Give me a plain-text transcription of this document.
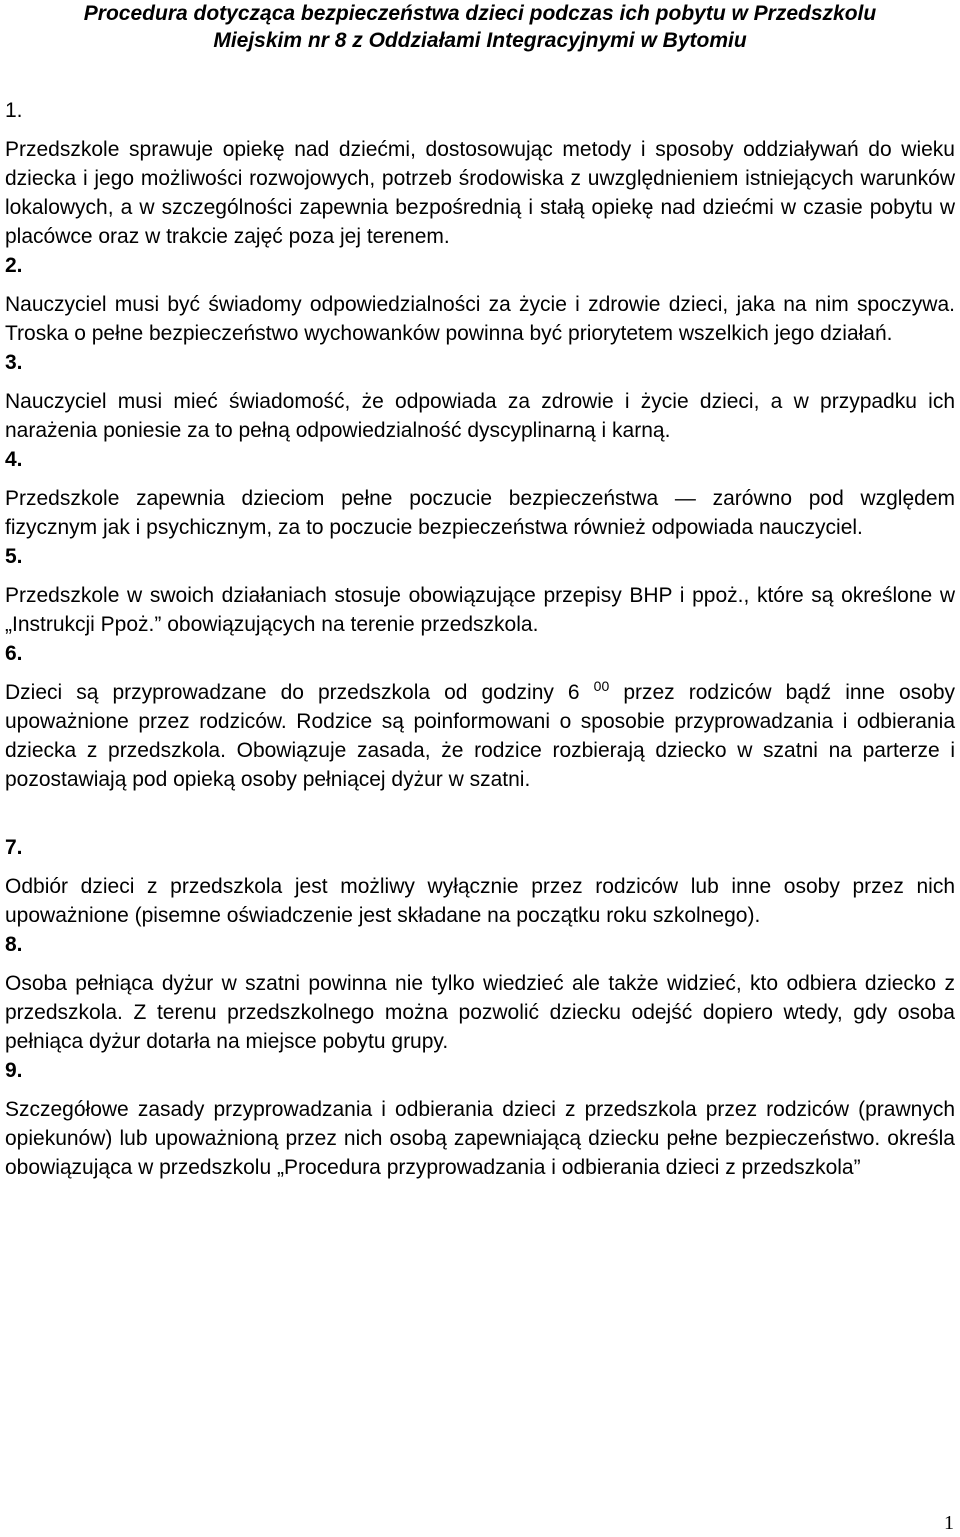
Procedura dotycząca bezpieczeństwa dzieci podczas ich pobytu w Przedszkolu
Miejskim nr 8 z Oddziałami Integracyjnymi w Bytomiu
1.
Przedszkole sprawuje opiekę nad dziećmi, dostosowując metody i sposoby oddziaływań do wieku dziecka i jego możliwości rozwojowych, potrzeb środowiska z uwzględnieniem istniejących warunków lokalowych, a w szczególności zapewnia bezpośrednią i stałą opiekę nad dziećmi w czasie pobytu w placówce oraz w trakcie zajęć poza jej terenem.
2.
Nauczyciel musi być świadomy odpowiedzialności za życie i zdrowie dzieci, jaka na nim spoczywa. Troska o pełne bezpieczeństwo wychowanków powinna być priorytetem wszelkich jego działań.
3.
Nauczyciel musi mieć świadomość, że odpowiada za zdrowie i życie dzieci, a w przypadku ich narażenia poniesie za to pełną odpowiedzialność dyscyplinarną i karną.
4.
Przedszkole zapewnia dzieciom pełne poczucie bezpieczeństwa — zarówno pod względem fizycznym jak i psychicznym, za to poczucie bezpieczeństwa również odpowiada nauczyciel.
5.
Przedszkole w swoich działaniach stosuje obowiązujące przepisy BHP i ppoż., które są określone w „Instrukcji Ppoż.” obowiązujących na terenie przedszkola.
6.
Dzieci są przyprowadzane do przedszkola od godziny 6 $^{00}$ przez rodziców bądź inne osoby upoważnione przez rodziców. Rodzice są poinformowani o sposobie przyprowadzania i odbierania dziecka z przedszkola. Obowiązuje zasada, że rodzice rozbierają dziecko w szatni na parterze i pozostawiają pod opieką osoby pełniącej dyżur w szatni.
7.
Odbiór dzieci z przedszkola jest możliwy wyłącznie przez rodziców lub inne osoby przez nich upoważnione (pisemne oświadczenie jest składane na początku roku szkolnego).
8.
Osoba pełniąca dyżur w szatni powinna nie tylko wiedzieć ale także widzieć, kto odbiera dziecko z przedszkola. Z terenu przedszkolnego można pozwolić dziecku odejść dopiero wtedy, gdy osoba pełniąca dyżur dotarła na miejsce pobytu grupy.
9.
Szczegółowe zasady przyprowadzania i odbierania dzieci z przedszkola przez rodziców (prawnych opiekunów) lub upoważnioną przez nich osobą zapewniającą dziecku pełne bezpieczeństwo. określa obowiązująca w przedszkolu „Procedura przyprowadzania i odbierania dzieci z przedszkola”
1
